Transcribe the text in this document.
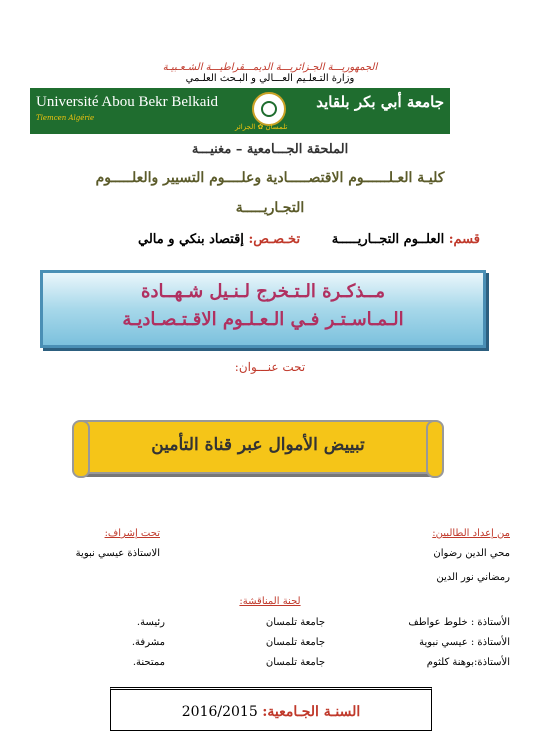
الجمهوريـــة الجـزائريـــة الديمـــقراطيـــة الشـعـبيـة
وزارة التـعلـيم العـــالي و البـحث العلـمي
Université Abou Bekr Belkaid
Tlemcen Algérie
تلمسان ✿ الجزائر
جامعة أبي بكر بلقايد
الملحقة الجـــامعية – مغنيـــة
كليـة العـلــــــوم الاقتصـــــادية وعلــــوم التسيير والعلـــــوم
التجـاريـــــة
قسم: العلــوم التجــاريـــــة       تخـصـص: إقتصاد بنكي و مالي
مــذكـرة الـتـخرج لـنـيل شـهــادة
الـمـاسـتـر فـي الـعـلـوم الاقـتـصـاديـة
تحت عنـــوان:
تبييض الأموال عبر قناة التأمين
من إعداد الطالبين:
محي الدين رضوان
رمضاني نور الدين
تحت إشراف:
الاستاذة عيسي نبوية
لجنة المناقشة:
الأستاذة : خلوط عواطف
جامعة تلمسان
رئيسة.
الأستاذة : عيسي نبوية
جامعة تلمسان
مشرفة.
الأستاذة:بوهنة كلثوم
جامعة تلمسان
ممتحنة.
السنـة الجـامعية: 2016/2015
